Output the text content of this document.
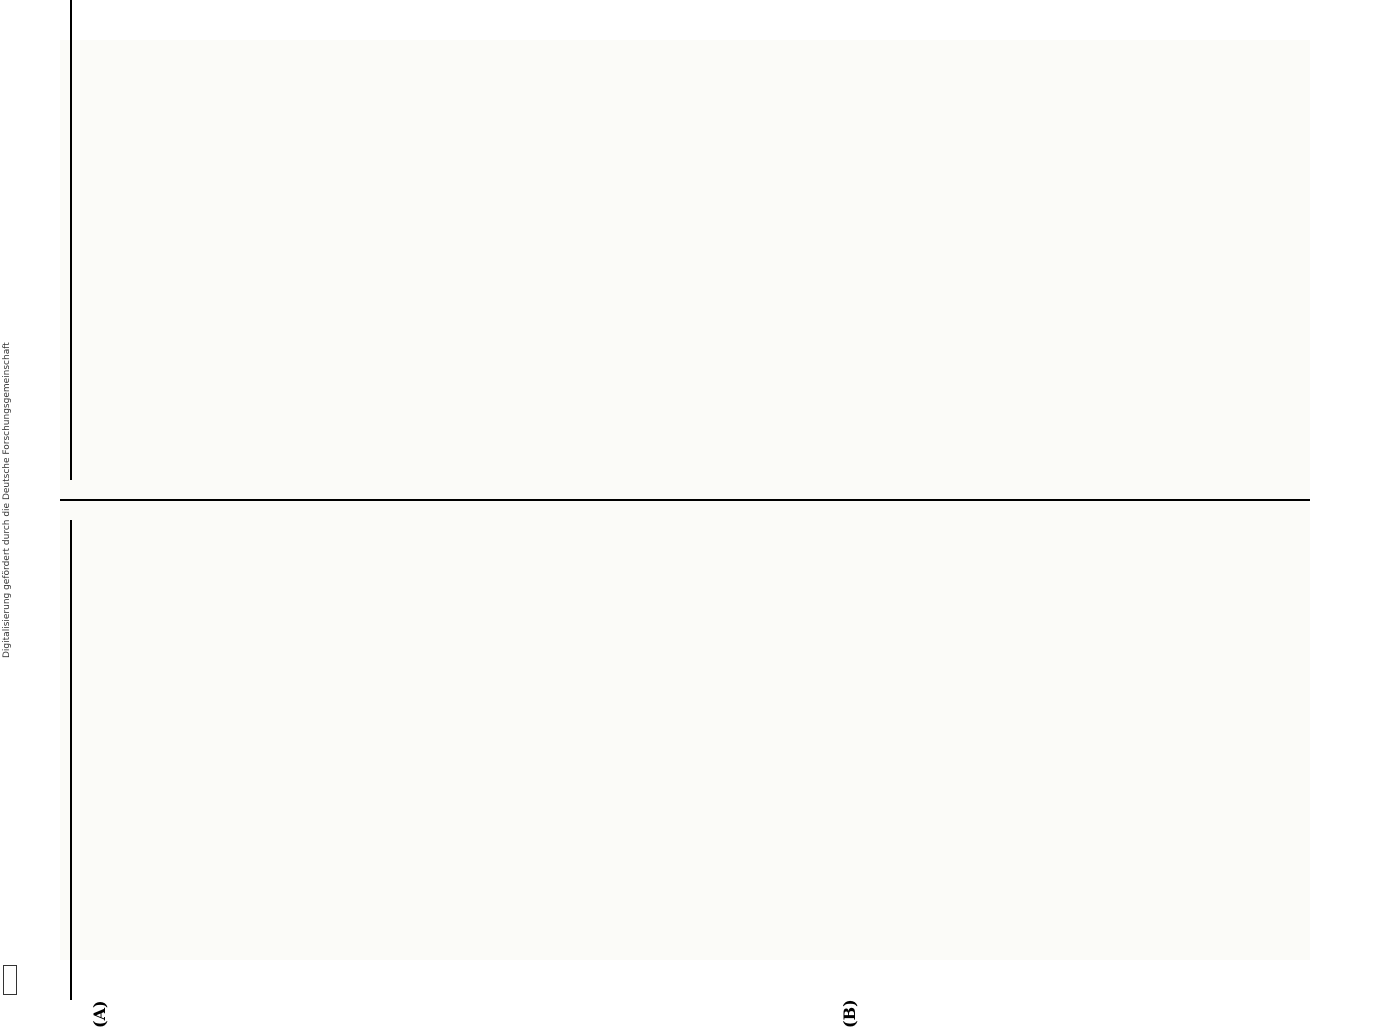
Digitalisierung gefördert durch die Deutsche Forschungsgemeinschaft
(A)	(B)
